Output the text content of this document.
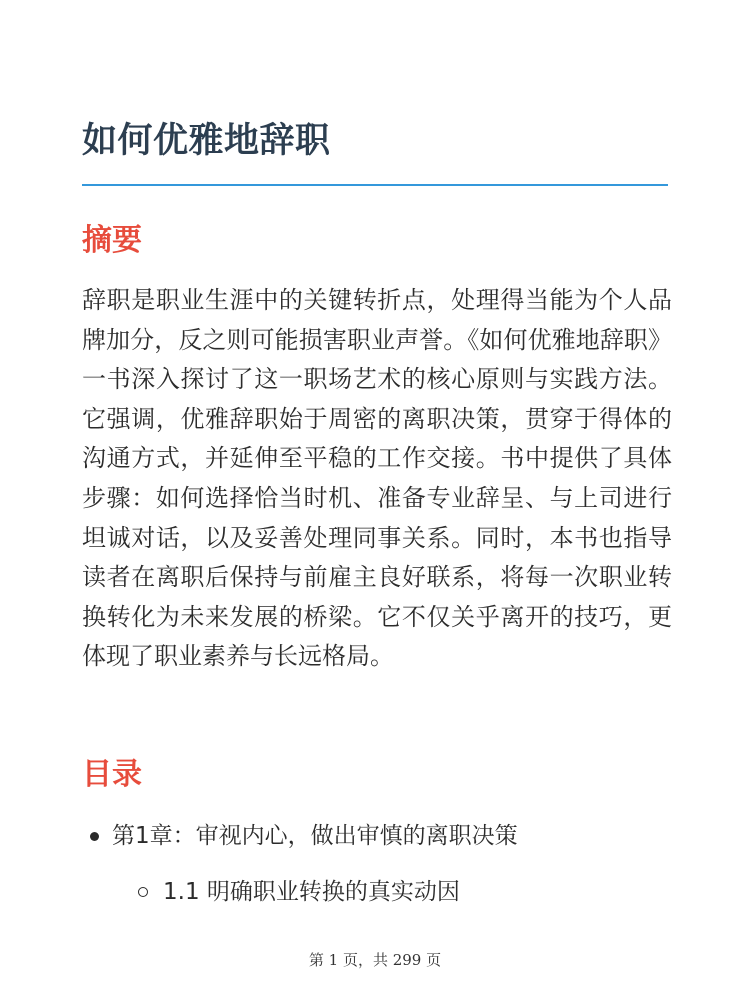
如何优雅地辞职
摘要

辞职是职业生涯中的关键转折点，处理得当能为个人品牌加分，反之则可能损害职业声誉。《如何优雅地辞职》一书深入探讨了这一职场艺术的核心原则与实践方法。它强调，优雅辞职始于周密的离职决策，贯穿于得体的沟通方式，并延伸至平稳的工作交接。书中提供了具体步骤：如何选择恰当时机、准备专业辞呈、与上司进行坦诚对话，以及妥善处理同事关系。同时，本书也指导读者在离职后保持与前雇主良好联系，将每一次职业转换转化为未来发展的桥梁。它不仅关乎离开的技巧，更体现了职业素养与长远格局。

目录
第1章：审视内心，做出审慎的离职决策
1.1 明确职业转换的真实动因
第 1 页，共 299 页
